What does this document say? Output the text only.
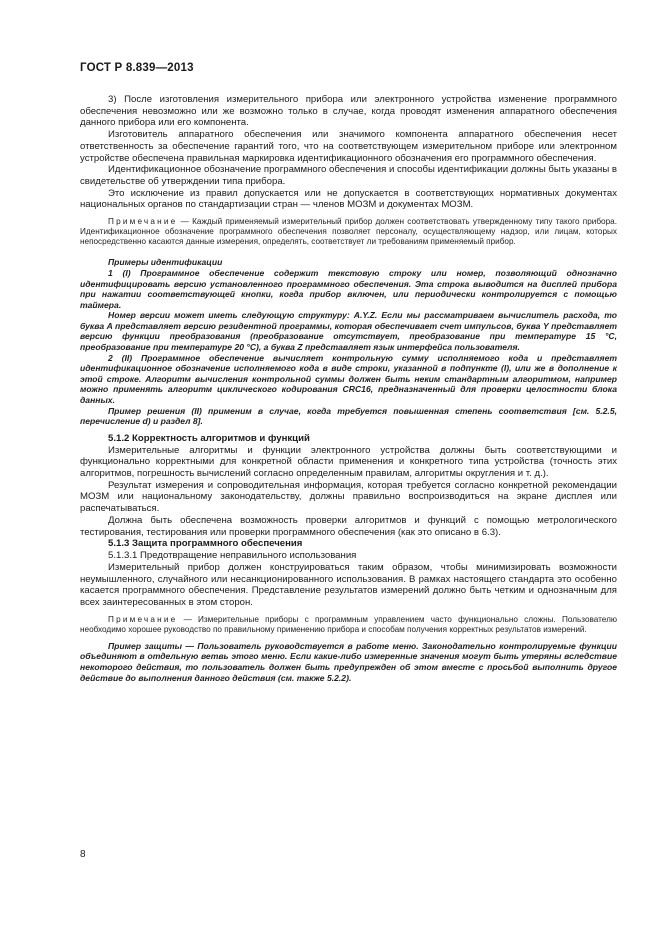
ГОСТ Р 8.839—2013

3) После изготовления измерительного прибора или электронного устройства изменение программного обеспечения невозможно или же возможно только в случае, когда проводят изменения аппаратного обеспечения данного прибора или его компонента.

Изготовитель аппаратного обеспечения или значимого компонента аппаратного обеспечения несет ответственность за обеспечение гарантий того, что на соответствующем измерительном приборе или электронном устройстве обеспечена правильная маркировка идентификационного обозначения его программного обеспечения.

Идентификационное обозначение программного обеспечения и способы идентификации должны быть указаны в свидетельстве об утверждении типа прибора.

Это исключение из правил допускается или не допускается в соответствующих нормативных документах национальных органов по стандартизации стран — членов МОЗМ и документах МОЗМ.

Примечание — Каждый применяемый измерительный прибор должен соответствовать утвержденному типу такого прибора. Идентификационное обозначение программного обеспечения позволяет персоналу, осуществляющему надзор, или лицам, которых непосредственно касаются данные измерения, определять, соответствует ли требованиям применяемый прибор.

Примеры идентификации

1 (I) Программное обеспечение содержит текстовую строку или номер, позволяющий однозначно идентифицировать версию установленного программного обеспечения. Эта строка выводится на дисплей прибора при нажатии соответствующей кнопки, когда прибор включен, или периодически контролируется с помощью таймера.

Номер версии может иметь следующую структуру: A.Y.Z. Если мы рассматриваем вычислитель расхода, то буква A представляет версию резидентной программы, которая обеспечивает счет импульсов, буква Y представляет версию функции преобразования (преобразование отсутствует, преобразование при температуре 15 °C, преобразование при температуре 20 °C), а буква Z представляет язык интерфейса пользователя.

2 (II) Программное обеспечение вычисляет контрольную сумму исполняемого кода и представляет идентификационное обозначение исполняемого кода в виде строки, указанной в подпункте (I), или же в дополнение к этой строке. Алгоритм вычисления контрольной суммы должен быть неким стандартным алгоритмом, например можно применять алгоритм циклического кодирования CRC16, предназначенный для проверки целостности блока данных.

Пример решения (II) применим в случае, когда требуется повышенная степень соответствия [см. 5.2.5, перечисление d) и раздел 8].

5.1.2 Корректность алгоритмов и функций

Измерительные алгоритмы и функции электронного устройства должны быть соответствующими и функционально корректными для конкретной области применения и конкретного типа устройства (точность этих алгоритмов, погрешность вычислений согласно определенным правилам, алгоритмы округления и т. д.).

Результат измерения и сопроводительная информация, которая требуется согласно конкретной рекомендации МОЗМ или национальному законодательству, должны правильно воспроизводиться на экране дисплея или распечатываться.

Должна быть обеспечена возможность проверки алгоритмов и функций с помощью метрологического тестирования, тестирования или проверки программного обеспечения (как это описано в 6.3).

5.1.3 Защита программного обеспечения

5.1.3.1 Предотвращение неправильного использования

Измерительный прибор должен конструироваться таким образом, чтобы минимизировать возможности неумышленного, случайного или несанкционированного использования. В рамках настоящего стандарта это особенно касается программного обеспечения. Представление результатов измерений должно быть четким и однозначным для всех заинтересованных в этом сторон.

Примечание — Измерительные приборы с программным управлением часто функционально сложны. Пользователю необходимо хорошее руководство по правильному применению прибора и способам получения корректных результатов измерений.

Пример защиты — Пользователь руководствуется в работе меню. Законодательно контролируемые функции объединяют в отдельную ветвь этого меню. Если какие-либо измеренные значения могут быть утеряны вследствие некоторого действия, то пользователь должен быть предупрежден об этом вместе с просьбой выполнить другое действие до выполнения данного действия (см. также 5.2.2).

8
